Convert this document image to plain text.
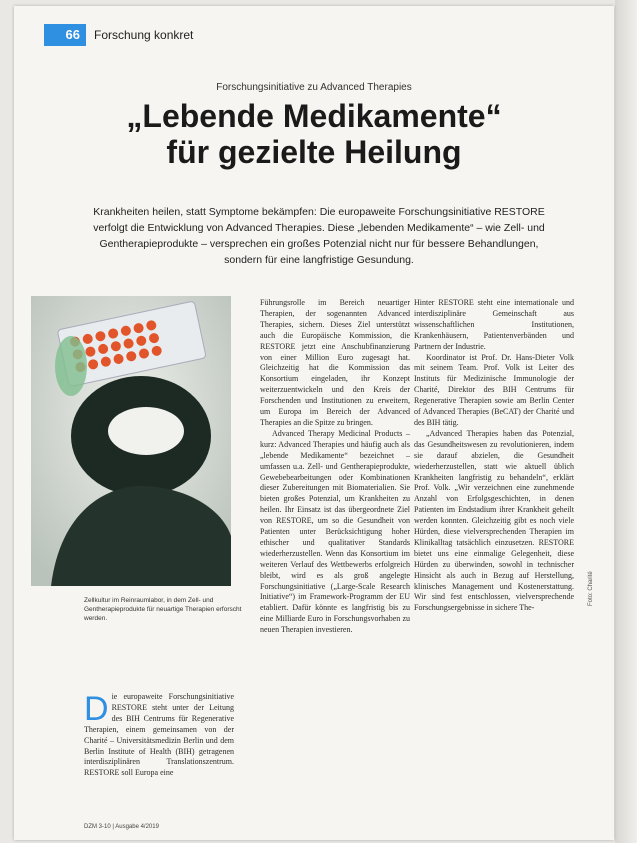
66	Forschung konkret
Forschungsinitiative zu Advanced Therapies
„Lebende Medikamente“
für gezielte Heilung
Krankheiten heilen, statt Symptome bekämpfen: Die europaweite Forschungsinitiative RESTORE verfolgt die Entwicklung von Advanced Therapies. Diese „lebenden Medikamente“ – wie Zell- und Gentherapieprodukte – versprechen ein großes Potenzial nicht nur für bessere Behandlungen, sondern für eine langfristige Gesundung.
Zellkultur im Reinraumlabor, in dem Zell- und Gentherapieprodukte für neuartige Therapien erforscht werden.
D ie europaweite Forschungsinitiative RESTORE steht unter der Leitung des BIH Centrums für Regenerative Therapien, einem gemeinsamen von der Charité – Universitätsmedizin Berlin und dem Berlin Institute of Health (BIH) getragenen interdisziplinären Translationszentrum. RESTORE soll Europa eine

Führungsrolle im Bereich neuartiger Therapien, der sogenannten Advanced Therapies, sichern. Dieses Ziel unterstützt auch die Europäische Kommission, die RESTORE jetzt eine Anschubfinanzierung von einer Million Euro zugesagt hat. Gleichzeitig hat die Kommission das Konsortium eingeladen, ihr Konzept weiterzuentwickeln und den Kreis der Forschenden und Institutionen zu erweitern, um Europa im Bereich der Advanced Therapies an die Spitze zu bringen.

Advanced Therapy Medicinal Products – kurz: Advanced Therapies und häufig auch als „lebende Medikamente“ bezeichnet – umfassen u.a. Zell- und Gentherapieprodukte, Gewebebearbeitungen oder Kombinationen dieser Zubereitungen mit Biomaterialien. Sie bieten großes Potenzial, um Krankheiten zu heilen. Ihr Einsatz ist das übergeordnete Ziel von RESTORE, um so die Gesundheit von Patienten unter Berücksichtigung hoher ethischer und qualitativer Standards wiederherzustellen. Wenn das Konsortium im weiteren Verlauf des Wettbewerbs erfolgreich bleibt, wird es als groß angelegte Forschungsinitiative („Large-Scale Research Initiative“) im Framework-Programm der EU etabliert. Dafür könnte es langfristig bis zu eine Milliarde Euro in Forschungsvorhaben zu neuen Therapien investieren.

Hinter RESTORE steht eine internationale und interdisziplinäre Gemeinschaft aus wissenschaftlichen Institutionen, Krankenhäusern, Patientenverbänden und Partnern der Industrie.

Koordinator ist Prof. Dr. Hans-Dieter Volk mit seinem Team. Prof. Volk ist Leiter des Instituts für Medizinische Immunologie der Charité, Direktor des BIH Centrums für Regenerative Therapien sowie am Berlin Center of Advanced Therapies (BeCAT) der Charité und des BIH tätig.

„Advanced Therapies haben das Potenzial, das Gesundheitswesen zu revolutionieren, indem sie darauf abzielen, die Gesundheit wiederherzustellen, statt wie aktuell üblich Krankheiten langfristig zu behandeln“, erklärt Prof. Volk. „Wir verzeichnen eine zunehmende Anzahl von Erfolgsgeschichten, in denen Patienten im Endstadium ihrer Krankheit geheilt werden konnten. Gleichzeitig gibt es noch viele Hürden, diese vielversprechenden Therapien im Klinikalltag tatsächlich einzusetzen. RESTORE bietet uns eine einmalige Gelegenheit, diese Hürden zu überwinden, sowohl in technischer Hinsicht als auch in Bezug auf Herstellung, klinisches Management und Kostenerstattung. Wir sind fest entschlossen, vielversprechende Forschungsergebnisse in sichere The-

DZM 3-10 | Ausgabe 4/2019
Foto: Charité
